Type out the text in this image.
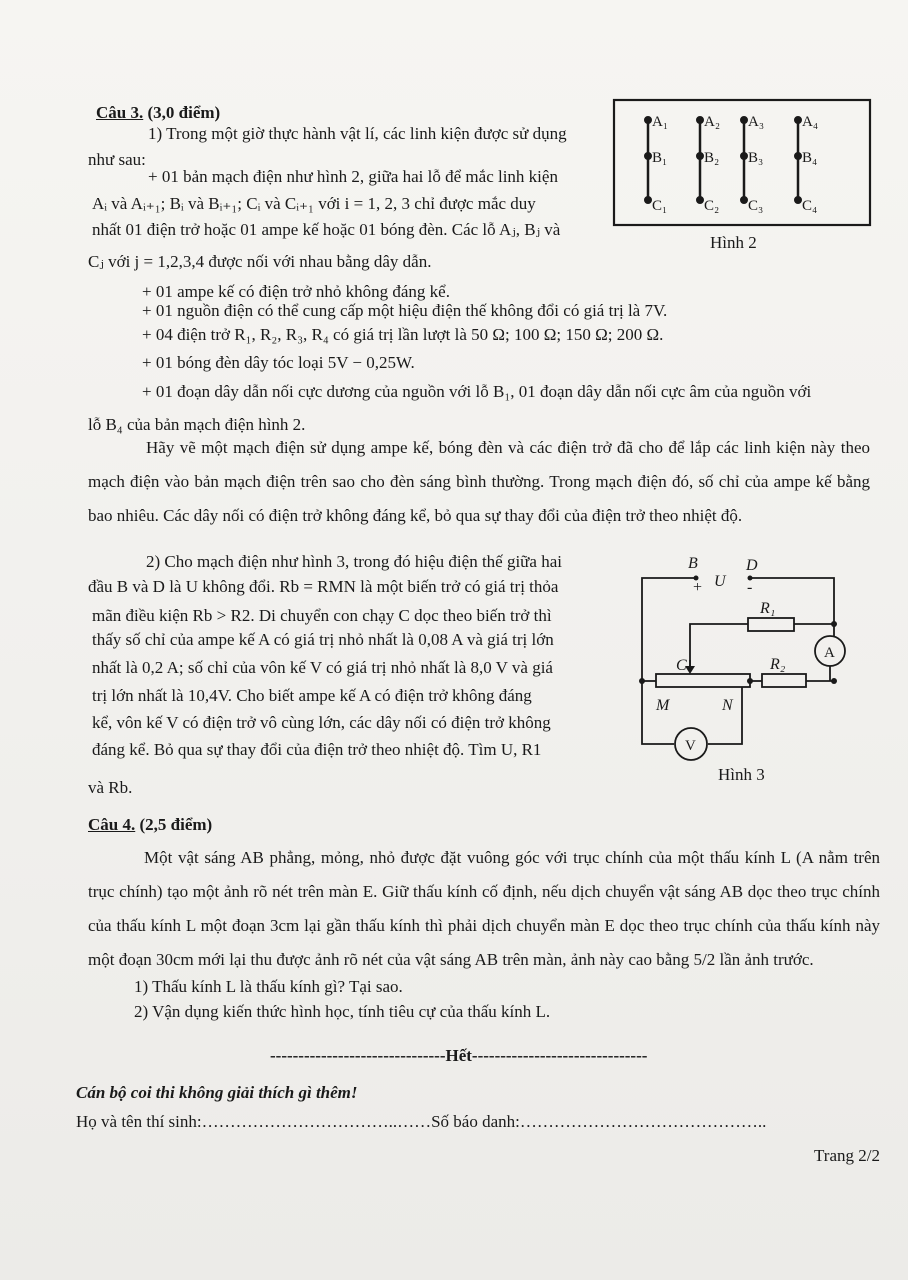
Câu 3. (3,0 điểm)
1) Trong một giờ thực hành vật lí, các linh kiện được sử dụng
như sau:
+ 01 bản mạch điện như hình 2, giữa hai lỗ để mắc linh kiện
Aᵢ và Aᵢ₊₁; Bᵢ và Bᵢ₊₁; Cᵢ và Cᵢ₊₁ với i = 1, 2, 3 chỉ được mắc duy
nhất 01 điện trở hoặc 01 ampe kế hoặc 01 bóng đèn. Các lỗ Aⱼ, Bⱼ và
Cⱼ với j = 1,2,3,4 được nối với nhau bằng dây dẫn.
+ 01 ampe kế có điện trở nhỏ không đáng kể.
+ 01 nguồn điện có thể cung cấp một hiệu điện thế không đổi có giá trị là 7V.
+ 04 điện trở R₁, R₂, R₃, R₄ có giá trị lần lượt là 50 Ω; 100 Ω; 150 Ω; 200 Ω.
+ 01 bóng đèn dây tóc loại 5V − 0,25W.
+ 01 đoạn dây dẫn nối cực dương của nguồn với lỗ B₁, 01 đoạn dây dẫn nối cực âm của nguồn với
lỗ B₄ của bản mạch điện hình 2.
Hãy vẽ một mạch điện sử dụng ampe kế, bóng đèn và các điện trở đã cho để lắp các linh kiện này theo mạch điện vào bản mạch điện trên sao cho đèn sáng bình thường. Trong mạch điện đó, số chỉ của ampe kế bằng bao nhiêu. Các dây nối có điện trở không đáng kể, bỏ qua sự thay đổi của điện trở theo nhiệt độ.
2) Cho mạch điện như hình 3, trong đó hiệu điện thế giữa hai
đầu B và D là U không đổi. Rb = RMN là một biến trở có giá trị thỏa
mãn điều kiện Rb > R2. Di chuyển con chạy C dọc theo biến trở thì
thấy số chỉ của ampe kế A có giá trị nhỏ nhất là 0,08 A và giá trị lớn
nhất là 0,2 A; số chỉ của vôn kế V có giá trị nhỏ nhất là 8,0 V và giá
trị lớn nhất là 10,4V. Cho biết ampe kế A có điện trở không đáng
kể, vôn kế V có điện trở vô cùng lớn, các dây nối có điện trở không
đáng kể. Bỏ qua sự thay đổi của điện trở theo nhiệt độ. Tìm U, R1
và Rb.
A₁
B₁
C₁
A₂
B₂
C₂
A₃
B₃
C₃
A₄
B₄
C₄
Hình 2
B	D
U
+	-
R₁
R₂
C
M	N
A
V
Hình 3
Câu 4. (2,5 điểm)
Một vật sáng AB phẳng, mỏng, nhỏ được đặt vuông góc với trục chính của một thấu kính L (A nằm trên trục chính) tạo một ảnh rõ nét trên màn E. Giữ thấu kính cố định, nếu dịch chuyển vật sáng AB dọc theo trục chính của thấu kính L một đoạn 3cm lại gần thấu kính thì phải dịch chuyển màn E dọc theo trục chính của thấu kính này một đoạn 30cm mới lại thu được ảnh rõ nét của vật sáng AB trên màn, ảnh này cao bằng 5/2 lần ảnh trước.
1) Thấu kính L là thấu kính gì? Tại sao.
2) Vận dụng kiến thức hình học, tính tiêu cự của thấu kính L.
-------------------------------Hết-------------------------------
Cán bộ coi thi không giải thích gì thêm!
Họ và tên thí sinh:……………………………..……Số báo danh:……………………………………..
Trang 2/2
